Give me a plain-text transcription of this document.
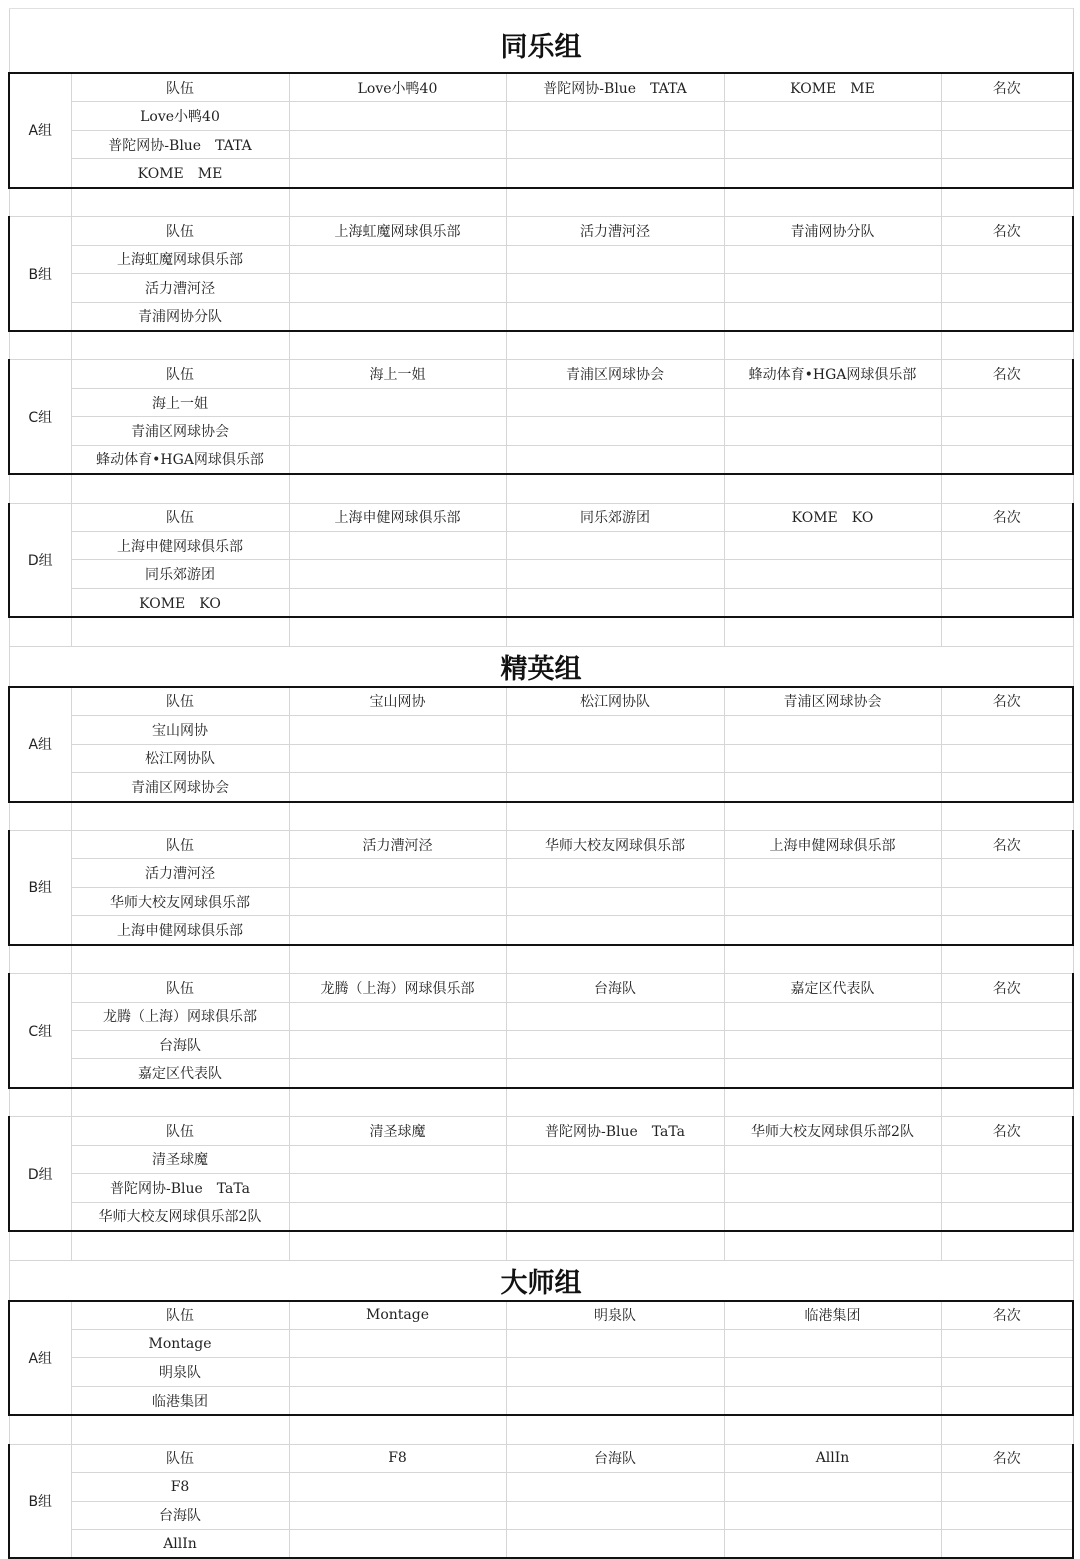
同乐组					
A组	队伍	Love小鸭40	普陀网协-Blue　TATA	KOME　ME	名次
	Love小鸭40				
	普陀网协-Blue　TATA				
	KOME　ME				

B组	队伍	上海虹魔网球俱乐部	活力漕河泾	青浦网协分队	名次
	上海虹魔网球俱乐部				
	活力漕河泾				
	青浦网协分队				

C组	队伍	海上一姐	青浦区网球协会	蜂动体育•HGA网球俱乐部	名次
	海上一姐				
	青浦区网球协会				
	蜂动体育•HGA网球俱乐部				

D组	队伍	上海申健网球俱乐部	同乐郊游团	KOME　KO	名次
	上海申健网球俱乐部				
	同乐郊游团				
	KOME　KO				

精英组					
A组	队伍	宝山网协	松江网协队	青浦区网球协会	名次
	宝山网协				
	松江网协队				
	青浦区网球协会				

B组	队伍	活力漕河泾	华师大校友网球俱乐部	上海申健网球俱乐部	名次
	活力漕河泾				
	华师大校友网球俱乐部				
	上海申健网球俱乐部				

C组	队伍	龙腾（上海）网球俱乐部	台海队	嘉定区代表队	名次
	龙腾（上海）网球俱乐部				
	台海队				
	嘉定区代表队				

D组	队伍	清圣球魔	普陀网协-Blue　TaTa	华师大校友网球俱乐部2队	名次
	清圣球魔				
	普陀网协-Blue　TaTa				
	华师大校友网球俱乐部2队				

大师组					
A组	队伍	Montage	明泉队	临港集团	名次
	Montage				
	明泉队				
	临港集团				

B组	队伍	F8	台海队	AllIn	名次
	F8				
	台海队				
	AllIn				
